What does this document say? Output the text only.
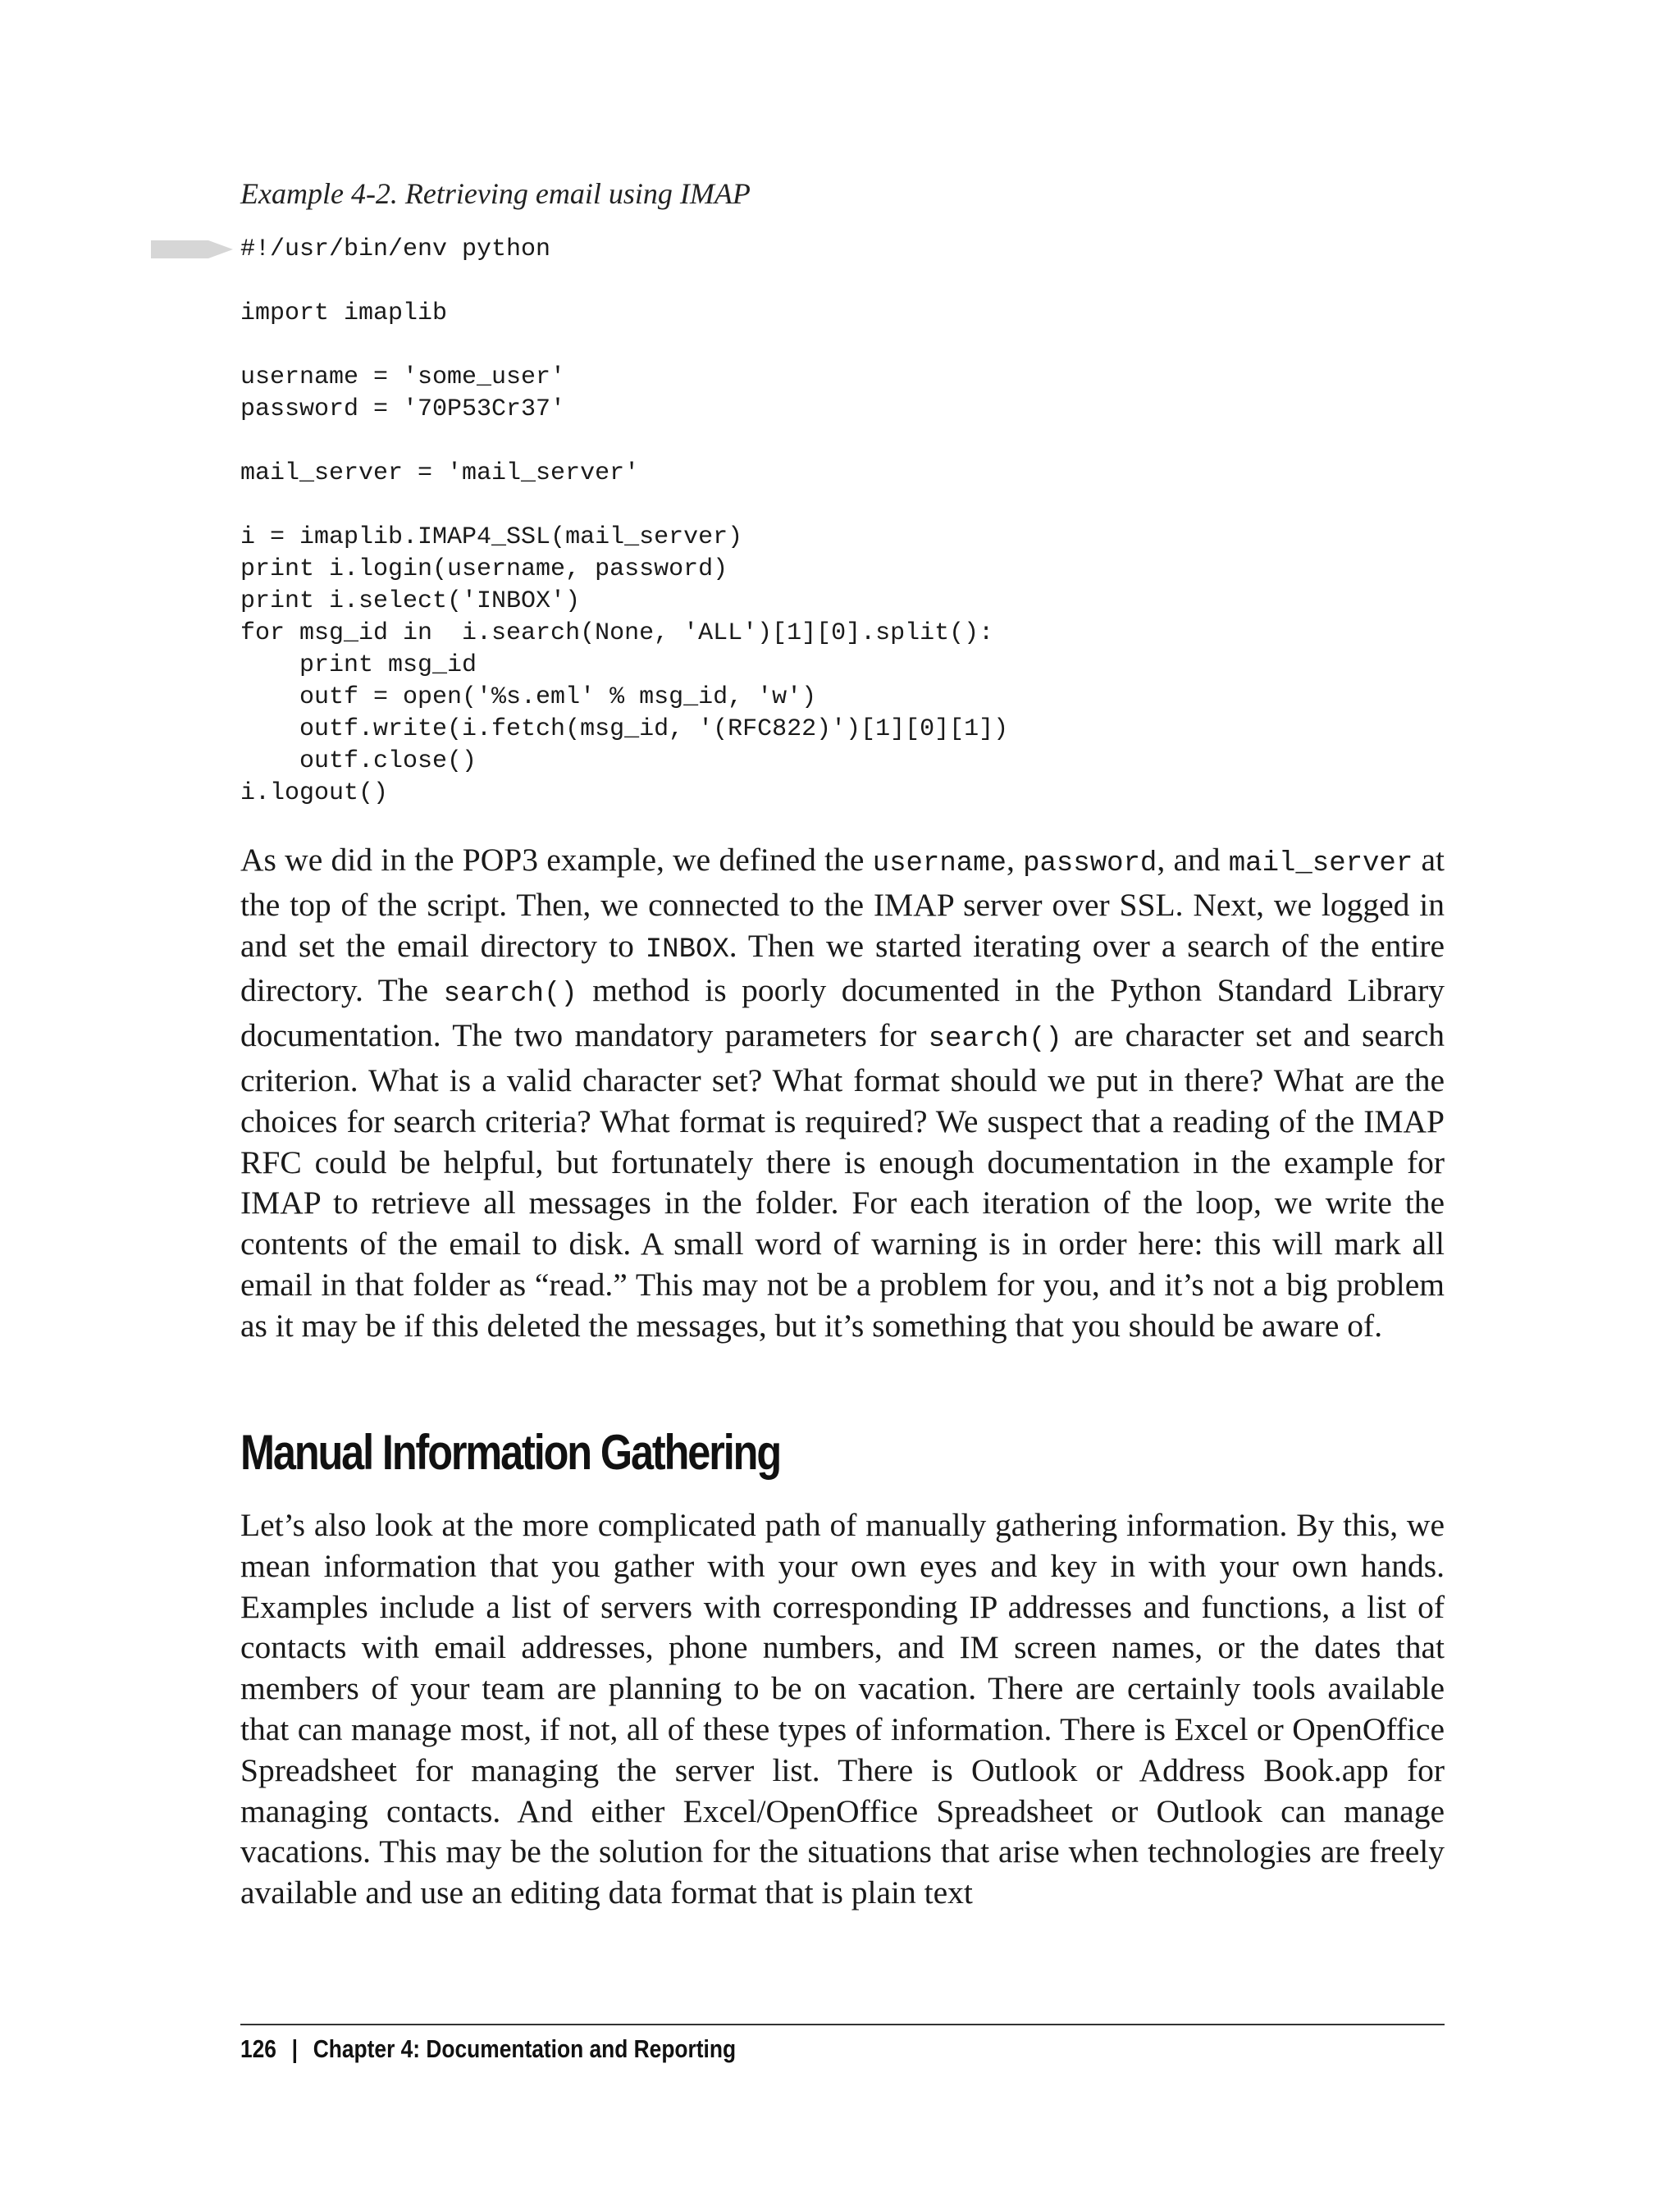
Example 4-2. Retrieving email using IMAP

#!/usr/bin/env python

import imaplib

username = 'some_user'
password = '70P53Cr37'

mail_server = 'mail_server'

i = imaplib.IMAP4_SSL(mail_server)
print i.login(username, password)
print i.select('INBOX')
for msg_id in  i.search(None, 'ALL')[1][0].split():
print msg_id
outf = open('%s.eml' % msg_id, 'w')
outf.write(i.fetch(msg_id, '(RFC822)')[1][0][1])
outf.close()
i.logout()

As we did in the POP3 example, we defined the username, password, and mail_server at the top of the script. Then, we connected to the IMAP server over SSL. Next, we logged in and set the email directory to INBOX. Then we started iterating over a search of the entire directory. The search() method is poorly documented in the Python Standard Library documentation. The two mandatory parameters for search() are character set and search criterion. What is a valid character set? What format should we put in there? What are the choices for search criteria? What format is required? We suspect that a reading of the IMAP RFC could be helpful, but fortunately there is enough documentation in the example for IMAP to retrieve all messages in the folder. For each iteration of the loop, we write the contents of the email to disk. A small word of warning is in order here: this will mark all email in that folder as “read.” This may not be a problem for you, and it’s not a big problem as it may be if this deleted the messages, but it’s something that you should be aware of.

Manual Information Gathering

Let’s also look at the more complicated path of manually gathering information. By this, we mean information that you gather with your own eyes and key in with your own hands. Examples include a list of servers with corresponding IP addresses and functions, a list of contacts with email addresses, phone numbers, and IM screen names, or the dates that members of your team are planning to be on vacation. There are certainly tools available that can manage most, if not, all of these types of information. There is Excel or OpenOffice Spreadsheet for managing the server list. There is Outlook or Address Book.app for managing contacts. And either Excel/OpenOffice Spreadsheet or Outlook can manage vacations. This may be the solution for the situations that arise when technologies are freely available and use an editing data format that is plain text

126 | Chapter 4: Documentation and Reporting
